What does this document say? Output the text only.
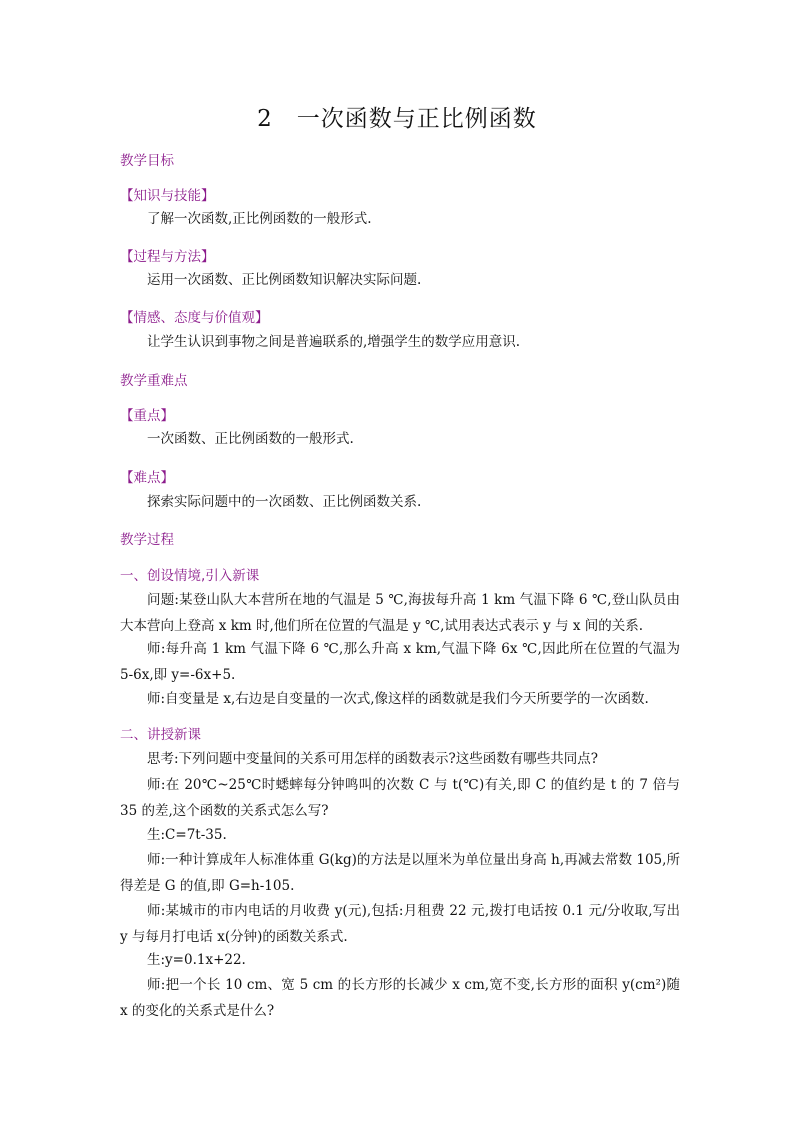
2　一次函数与正比例函数
教学目标
【知识与技能】
了解一次函数,正比例函数的一般形式.
【过程与方法】
运用一次函数、正比例函数知识解决实际问题.
【情感、态度与价值观】
让学生认识到事物之间是普遍联系的,增强学生的数学应用意识.
教学重难点
【重点】
一次函数、正比例函数的一般形式.
【难点】
探索实际问题中的一次函数、正比例函数关系.
教学过程
一、创设情境,引入新课
问题:某登山队大本营所在地的气温是 5 ℃,海拔每升高 1 km 气温下降 6 ℃,登山队员由大本营向上登高 x km 时,他们所在位置的气温是 y ℃,试用表达式表示 y 与 x 间的关系.
师:每升高 1 km 气温下降 6 ℃,那么升高 x km,气温下降 6x ℃,因此所在位置的气温为 5-6x,即 y=-6x+5.
师:自变量是 x,右边是自变量的一次式,像这样的函数就是我们今天所要学的一次函数.
二、讲授新课
思考:下列问题中变量间的关系可用怎样的函数表示?这些函数有哪些共同点?
师:在 20℃~25℃时蟋蟀每分钟鸣叫的次数 C 与 t(℃)有关,即 C 的值约是 t 的 7 倍与 35 的差,这个函数的关系式怎么写?
生:C=7t-35.
师:一种计算成年人标准体重 G(kg)的方法是以厘米为单位量出身高 h,再减去常数 105,所得差是 G 的值,即 G=h-105.
师:某城市的市内电话的月收费 y(元),包括:月租费 22 元,拨打电话按 0.1 元/分收取,写出 y 与每月打电话 x(分钟)的函数关系式.
生:y=0.1x+22.
师:把一个长 10 cm、宽 5 cm 的长方形的长减少 x cm,宽不变,长方形的面积 y(cm²)随 x 的变化的关系式是什么?
